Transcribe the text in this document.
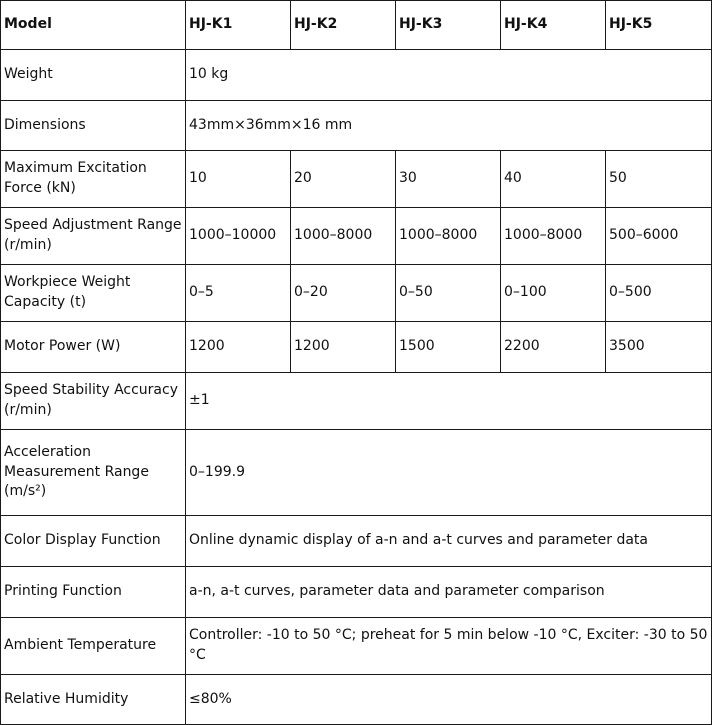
Model	HJ-K1	HJ-K2	HJ-K3	HJ-K4	HJ-K5
Weight	10 kg				
Dimensions	43mm×36mm×16 mm				
Maximum Excitation Force (kN)	10	20	30	40	50
Speed Adjustment Range (r/min)	1000–10000	1000–8000	1000–8000	1000–8000	500–6000
Workpiece Weight Capacity (t)	0–5	0–20	0–50	0–100	0–500
Motor Power (W)	1200	1200	1500	2200	3500
Speed Stability Accuracy (r/min)	±1				
Acceleration Measurement Range (m/s²)	0–199.9				
Color Display Function	Online dynamic display of a-n and a-t curves and parameter data				
Printing Function	a-n, a-t curves, parameter data and parameter comparison				
Ambient Temperature	Controller: -10 to 50 °C; preheat for 5 min below -10 °C, Exciter: -30 to 50 °C				
Relative Humidity	≤80%				
